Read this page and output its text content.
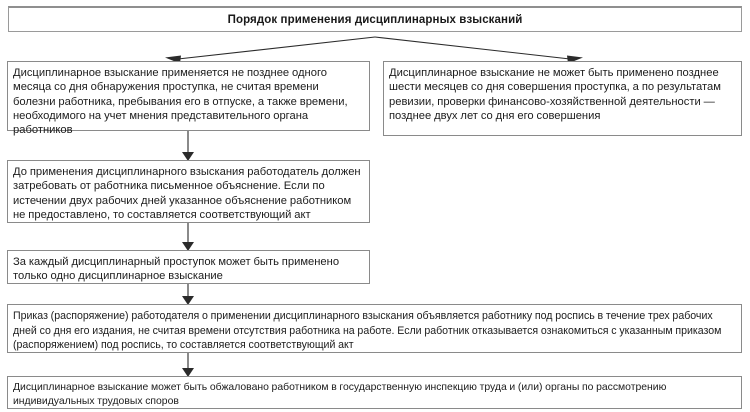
Порядок применения дисциплинарных взысканий
Дисциплинарное взыскание применяется не позднее одного месяца со дня обнаружения проступка, не считая времени болезни работника, пребывания его в отпуске, а также времени, необходимого на учет мнения представительного органа работников
Дисциплинарное взыскание не может быть применено позднее шести месяцев со дня совершения проступка, а по результатам ревизии, проверки финансово-хозяйственной деятельности — позднее двух лет со дня его совершения
До применения дисциплинарного взыскания работодатель должен затребовать от работника письменное объяснение. Если по истечении двух рабочих дней указанное объяснение работником не предоставлено, то составляется соответствующий акт
За каждый дисциплинарный проступок может быть применено только одно дисциплинарное взыскание
Приказ (распоряжение) работодателя о применении дисциплинарного взыскания объявляется работнику под роспись в течение трех рабочих дней со дня его издания, не считая времени отсутствия работника на работе. Если работник отказывается ознакомиться с указанным приказом (распоряжением) под роспись, то составляется соответствующий акт
Дисциплинарное взыскание может быть обжаловано работником в государственную инспекцию труда и (или) органы по рассмотрению индивидуальных трудовых споров
